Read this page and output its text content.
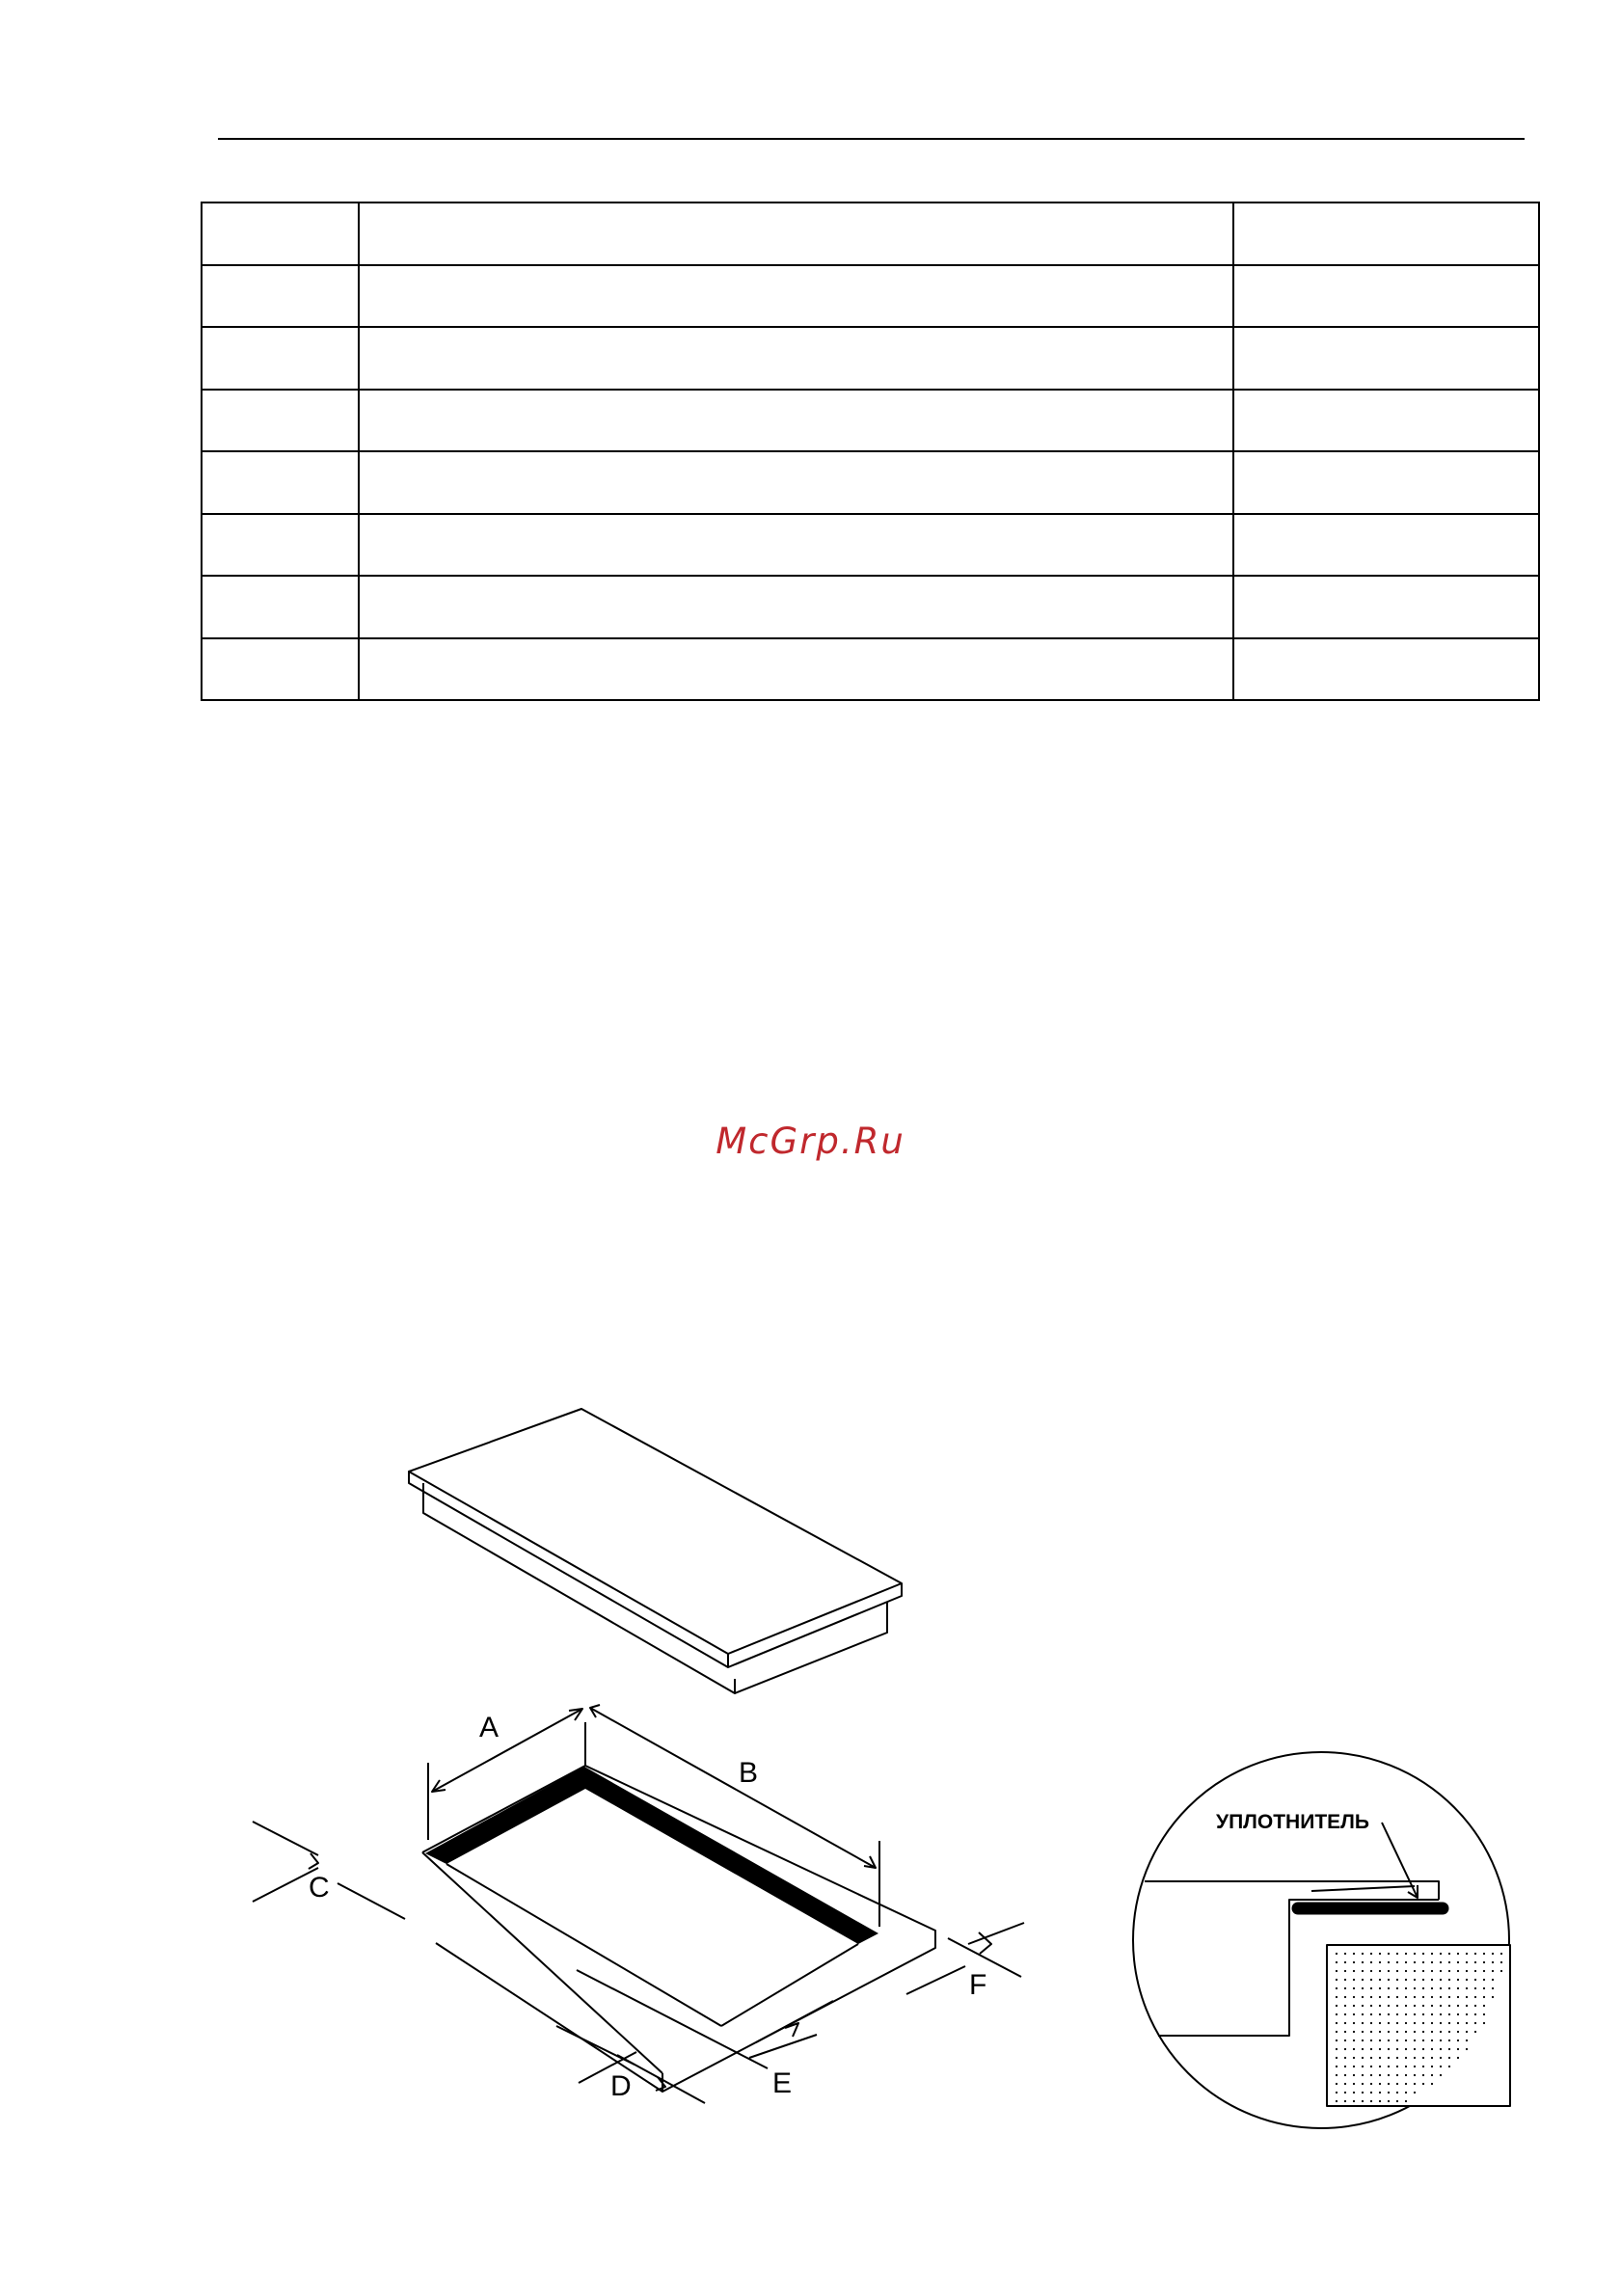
McGrp.Ru
A
B
C
D	E
F
УПЛОТНИТЕЛЬ
